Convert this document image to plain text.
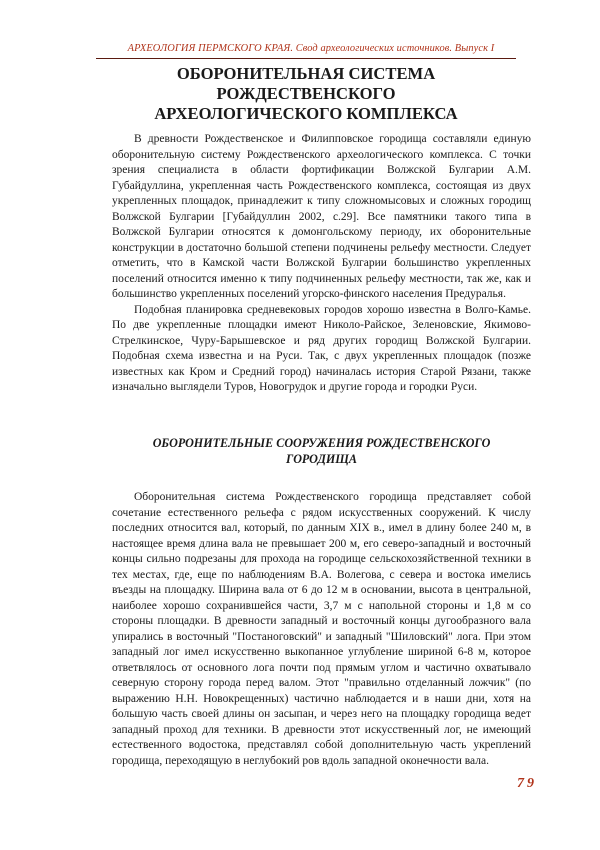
АРХЕОЛОГИЯ ПЕРМСКОГО КРАЯ. Свод археологических источников. Выпуск I
ОБОРОНИТЕЛЬНАЯ СИСТЕМА РОЖДЕСТВЕНСКОГО
АРХЕОЛОГИЧЕСКОГО КОМПЛЕКСА

В древности Рождественское и Филипповское городища составляли единую оборонительную систему Рождественского археологического комплекса. С точки зрения специалиста в области фортификации Волжской Булгарии А.М. Губайдуллина, укрепленная часть Рождественского комплекса, состоящая из двух укрепленных площадок, принадлежит к типу сложномысовых и сложных городищ Волжской Булгарии [Губайдуллин 2002, с.29]. Все памятники такого типа в Волжской Булгарии относятся к домонгольскому периоду, их оборонительные конструкции в достаточно большой степени подчинены рельефу местности. Следует отметить, что в Камской части Волжской Булгарии большинство укрепленных поселений относится именно к типу подчиненных рельефу местности, так же, как и большинство укрепленных поселений угорско-финского населения Предуралья.

Подобная планировка средневековых городов хорошо известна в Волго-Камье. По две укрепленные площадки имеют Николо-Райское, Зеленовские, Якимово-Стрелкинское, Чуру-Барышевское и ряд других городищ Волжской Булгарии. Подобная схема известна и на Руси. Так, с двух укрепленных площадок (позже известных как Кром и Средний город) начиналась история Старой Рязани, также изначально выглядели Туров, Новогрудок и другие города и городки Руси.

ОБОРОНИТЕЛЬНЫЕ СООРУЖЕНИЯ РОЖДЕСТВЕНСКОГО
ГОРОДИЩА

Оборонительная система Рождественского городища представляет собой сочетание естественного рельефа с рядом искусственных сооружений. К числу последних относится вал, который, по данным XIX в., имел в длину более 240 м, в настоящее время длина вала не превышает 200 м, его северо-западный и восточный концы сильно подрезаны для прохода на городище сельскохозяйственной техники в тех местах, где, еще по наблюдениям В.А. Волегова, с севера и востока имелись въезды на площадку. Ширина вала от 6 до 12 м в основании, высота в центральной, наиболее хорошо сохранившейся части, 3,7 м с напольной стороны и 1,8 м со стороны площадки. В древности западный и восточный концы дугообразного вала упирались в восточный "Постаноговский" и западный "Шиловский" лога. При этом западный лог имел искусственно выкопанное углубление шириной 6-8 м, которое ответвлялось от основного лога почти под прямым углом и частично охватывало северную сторону города перед валом. Этот "правильно отделанный ложчик" (по выражению Н.Н. Новокрещенных) частично наблюдается и в наши дни, хотя на большую часть своей длины он засыпан, и через него на площадку городища ведет западный проход для техники. В древности этот искусственный лог, не имеющий естественного водостока, представлял собой дополнительную часть укреплений городища, переходящую в неглубокий ров вдоль западной оконечности вала.

79
